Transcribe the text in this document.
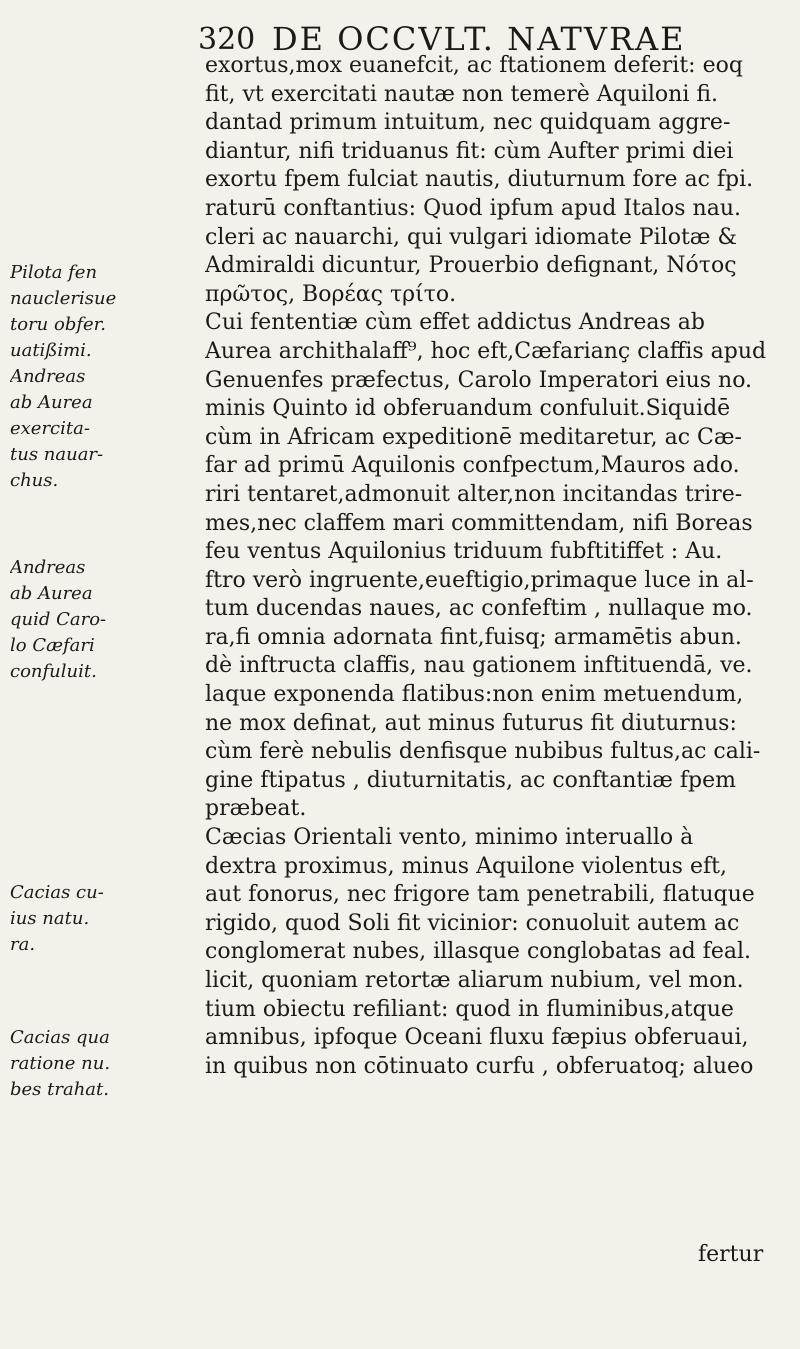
320 DE OCCVLT. NATVRAE
exortus,mox euanefcit, ac ftationem deferit: eoq
fit, vt exercitati nautæ non temerè Aquiloni fi.
dantad primum intuitum, nec quidquam aggre-
diantur, nifi triduanus fit: cùm Aufter primi diei
exortu fpem fulciat nautis, diuturnum fore ac fpi.
raturū conftantius: Quod ipfum apud Italos nau.
cleri ac nauarchi, qui vulgari idiomate Pilotæ &
Admiraldi dicuntur, Prouerbio defignant, Nότος
πρῶτος, Βορέας τρίτο.
Cui fententiæ cùm effet addictus Andreas ab
Aurea archithalaff⁹, hoc eft,Cæfarianç claffis apud
Genuenfes præfectus, Carolo Imperatori eius no.
minis Quinto id obferuandum confuluit.Siquidē
cùm in Africam expeditionē meditaretur, ac Cæ-
far ad primū Aquilonis confpectum,Mauros ado.
riri tentaret,admonuit alter,non incitandas trire-
mes,nec claffem mari committendam, nifi Boreas
feu ventus Aquilonius triduum fubftitiffet : Au.
ftro verò ingruente,eueftigio,primaque luce in al-
tum ducendas naues, ac confeftim , nullaque mo.
ra,fi omnia adornata fint,fuisq; armamētis abun.
dè inftructa claffis, nau gationem inftituendā, ve.
laque exponenda flatibus:non enim metuendum,
ne mox definat, aut minus futurus fit diuturnus:
cùm ferè nebulis denfisque nubibus fultus,ac cali-
gine ftipatus , diuturnitatis, ac conftantiæ fpem
præbeat.
Cæcias Orientali vento, minimo interuallo à
dextra proximus, minus Aquilone violentus eft,
aut fonorus, nec frigore tam penetrabili, flatuque
rigido, quod Soli fit vicinior: conuoluit autem ac
conglomerat nubes, illasque conglobatas ad feal.
licit, quoniam retortæ aliarum nubium, vel mon.
tium obiectu refiliant: quod in fluminibus,atque
amnibus, ipfoque Oceani fluxu fæpius obferuaui,
in quibus non cōtinuato curfu , obferuatoq; alueo
Pilota fen
nauclerisue
toru obfer.
uatißimi.
Andreas
ab Aurea
exercita-
tus nauar-
chus.
Andreas
ab Aurea
quid Caro-
lo Cæfari
confuluit.
Cacias cu-
ius natu.
ra.
Cacias qua
ratione nu.
bes trahat.
fertur
